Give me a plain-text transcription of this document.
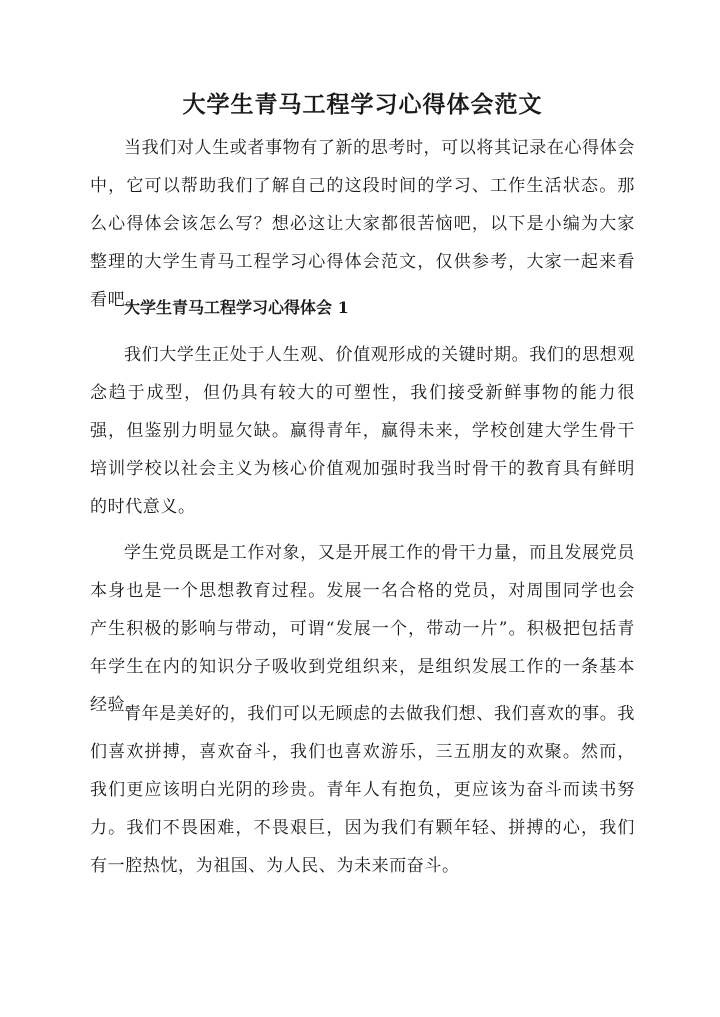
大学生青马工程学习心得体会范文

当我们对人生或者事物有了新的思考时，可以将其记录在心得体会中，它可以帮助我们了解自己的这段时间的学习、工作生活状态。那么心得体会该怎么写？想必这让大家都很苦恼吧，以下是小编为大家整理的大学生青马工程学习心得体会范文，仅供参考，大家一起来看看吧。

大学生青马工程学习心得体会 1

我们大学生正处于人生观、价值观形成的关键时期。我们的思想观念趋于成型，但仍具有较大的可塑性，我们接受新鲜事物的能力很强，但鉴别力明显欠缺。赢得青年，赢得未来，学校创建大学生骨干培训学校以社会主义为核心价值观加强时我当时骨干的教育具有鲜明的时代意义。

学生党员既是工作对象，又是开展工作的骨干力量，而且发展党员本身也是一个思想教育过程。发展一名合格的党员，对周围同学也会产生积极的影响与带动，可谓“发展一个，带动一片”。积极把包括青年学生在内的知识分子吸收到党组织来，是组织发展工作的一条基本经验。

青年是美好的，我们可以无顾虑的去做我们想、我们喜欢的事。我们喜欢拼搏，喜欢奋斗，我们也喜欢游乐，三五朋友的欢聚。然而，我们更应该明白光阴的珍贵。青年人有抱负，更应该为奋斗而读书努力。我们不畏困难，不畏艰巨，因为我们有颗年轻、拼搏的心，我们有一腔热忱，为祖国、为人民、为未来而奋斗。
